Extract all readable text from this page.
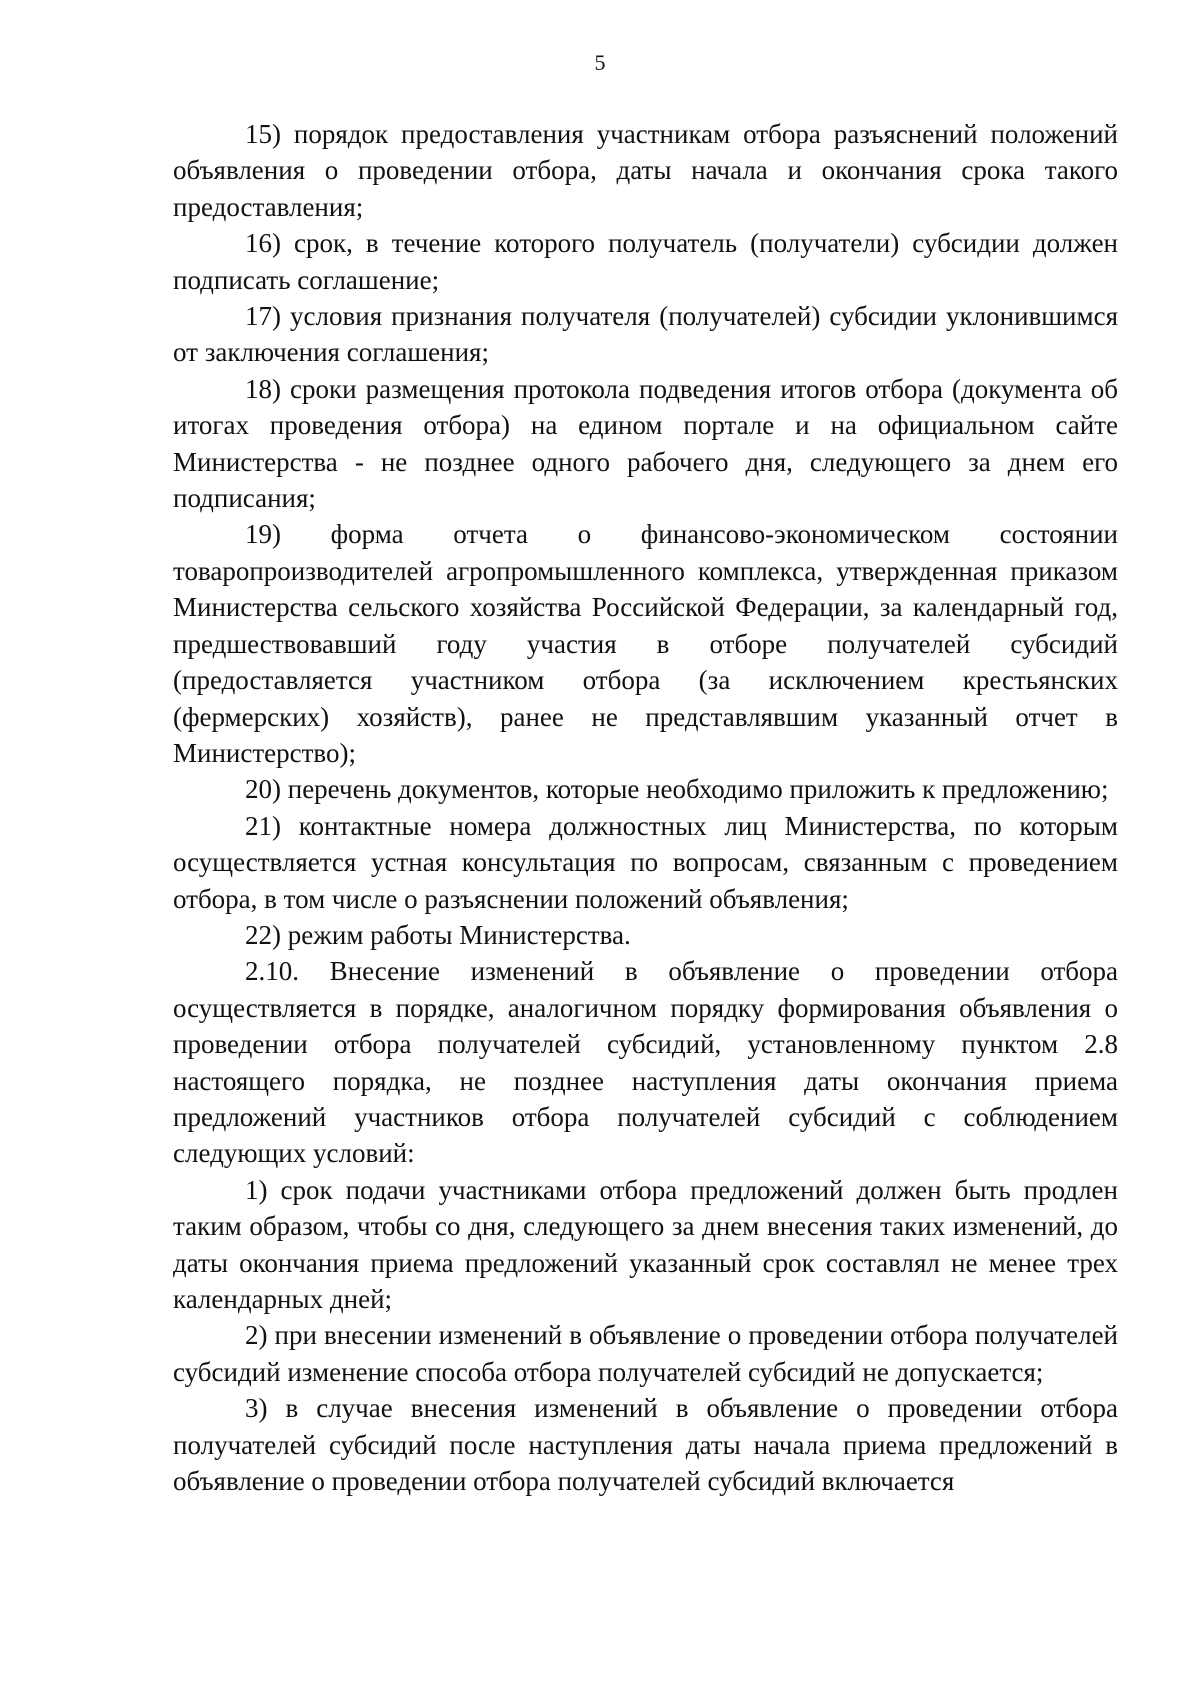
5

15) порядок предоставления участникам отбора разъяснений положений объявления о проведении отбора, даты начала и окончания срока такого предоставления;

16) срок, в течение которого получатель (получатели) субсидии должен подписать соглашение;

17) условия признания получателя (получателей) субсидии уклонившимся от заключения соглашения;

18) сроки размещения протокола подведения итогов отбора (документа об итогах проведения отбора) на едином портале и на официальном сайте Министерства - не позднее одного рабочего дня, следующего за днем его подписания;

19) форма отчета о финансово-экономическом состоянии товаропроизводителей агропромышленного комплекса, утвержденная приказом Министерства сельского хозяйства Российской Федерации, за календарный год, предшествовавший году участия в отборе получателей субсидий (предоставляется участником отбора (за исключением крестьянских (фермерских) хозяйств), ранее не представлявшим указанный отчет в Министерство);

20) перечень документов, которые необходимо приложить к предложению;

21) контактные номера должностных лиц Министерства, по которым осуществляется устная консультация по вопросам, связанным с проведением отбора, в том числе о разъяснении положений объявления;

22) режим работы Министерства.

2.10. Внесение изменений в объявление о проведении отбора осуществляется в порядке, аналогичном порядку формирования объявления о проведении отбора получателей субсидий, установленному пунктом 2.8 настоящего порядка, не позднее наступления даты окончания приема предложений участников отбора получателей субсидий с соблюдением следующих условий:

1) срок подачи участниками отбора предложений должен быть продлен таким образом, чтобы со дня, следующего за днем внесения таких изменений, до даты окончания приема предложений указанный срок составлял не менее трех календарных дней;

2) при внесении изменений в объявление о проведении отбора получателей субсидий изменение способа отбора получателей субсидий не допускается;

3) в случае внесения изменений в объявление о проведении отбора получателей субсидий после наступления даты начала приема предложений в объявление о проведении отбора получателей субсидий включается
